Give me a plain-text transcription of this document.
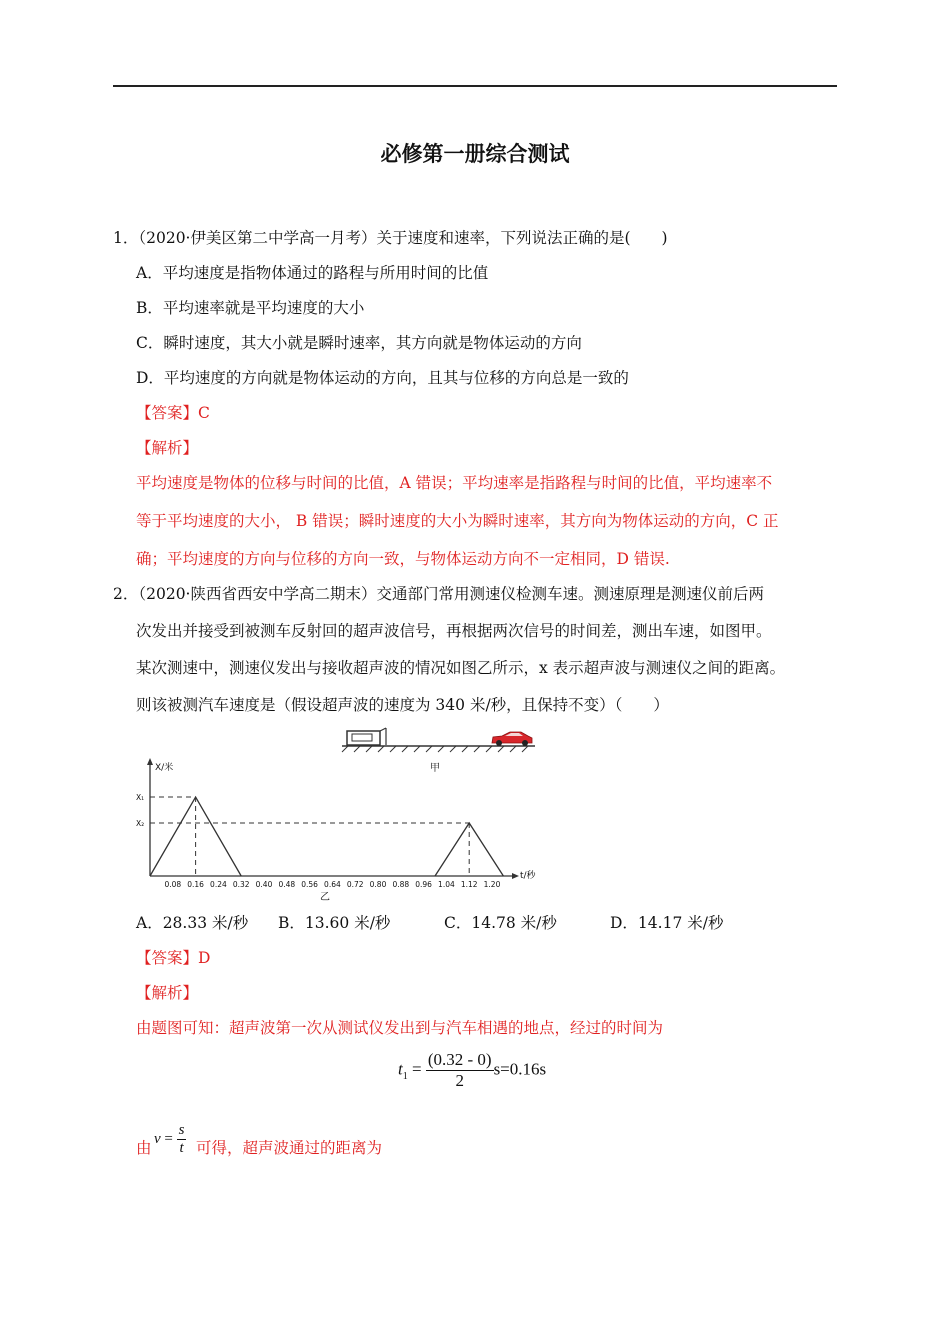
必修第一册综合测试
1．（2020·伊美区第二中学高一月考）关于速度和速率，下列说法正确的是(　　)
A．平均速度是指物体通过的路程与所用时间的比值
B．平均速率就是平均速度的大小
C．瞬时速度，其大小就是瞬时速率，其方向就是物体运动的方向
D．平均速度的方向就是物体运动的方向，且其与位移的方向总是一致的
【答案】C
【解析】
平均速度是物体的位移与时间的比值，A 错误；平均速率是指路程与时间的比值，平均速率不
等于平均速度的大小， B 错误；瞬时速度的大小为瞬时速率，其方向为物体运动的方向，C 正
确；平均速度的方向与位移的方向一致，与物体运动方向不一定相同，D 错误.
2．（2020·陕西省西安中学高二期末）交通部门常用测速仪检测车速。测速原理是测速仪前后两
次发出并接受到被测车反射回的超声波信号，再根据两次信号的时间差，测出车速，如图甲。
某次测速中，测速仪发出与接收超声波的情况如图乙所示，x 表示超声波与测速仪之间的距离。
则该被测汽车速度是（假设超声波的速度为 340 米/秒，且保持不变）（　　）
甲
X/米
t/秒
0.08 0.16 0.24 0.32 0.40 0.48 0.56 0.64 0.72 0.80 0.88 0.96 1.04 1.12 1.20
X₁
X₂
乙
A．28.33 米/秒 B．13.60 米/秒	C．14.78 米/秒	D．14.17 米/秒
【答案】D
【解析】
由题图可知：超声波第一次从测试仪发出到与汽车相遇的地点，经过的时间为
$t_1 = \frac{(0.32 - 0)}{2} s=0.16s$
由
$v = \frac{s}{t}$ 可得，超声波通过的距离为
